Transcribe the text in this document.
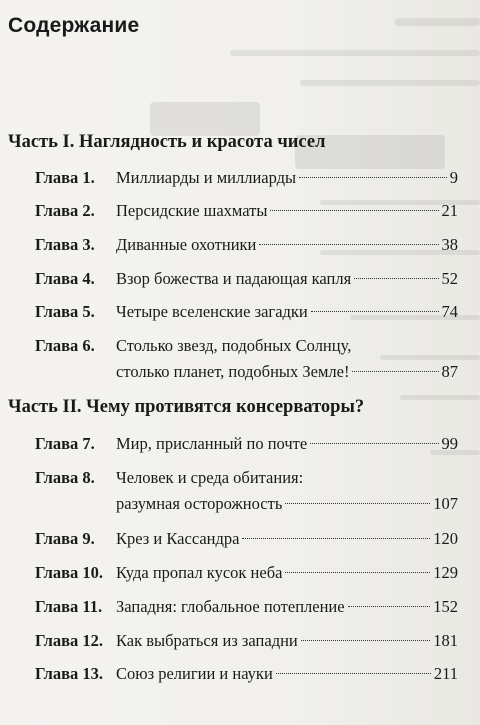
Содержание
Часть I. Наглядность и красота чисел
Глава 1. Миллиарды и миллиарды	9
Глава 2. Персидские шахматы	21
Глава 3. Диванные охотники	38
Глава 4. Взор божества и падающая капля	52
Глава 5. Четыре вселенские загадки	74
Глава 6. Столько звезд, подобных Солнцу,
столько планет, подобных Земле!	87
Часть II. Чему противятся консерваторы?
Глава 7. Мир, присланный по почте	99
Глава 8. Человек и среда обитания:
разумная осторожность	107
Глава 9. Крез и Кассандра	120
Глава 10. Куда пропал кусок неба	129
Глава 11. Западня: глобальное потепление	152
Глава 12. Как выбраться из западни	181
Глава 13. Союз религии и науки	211
